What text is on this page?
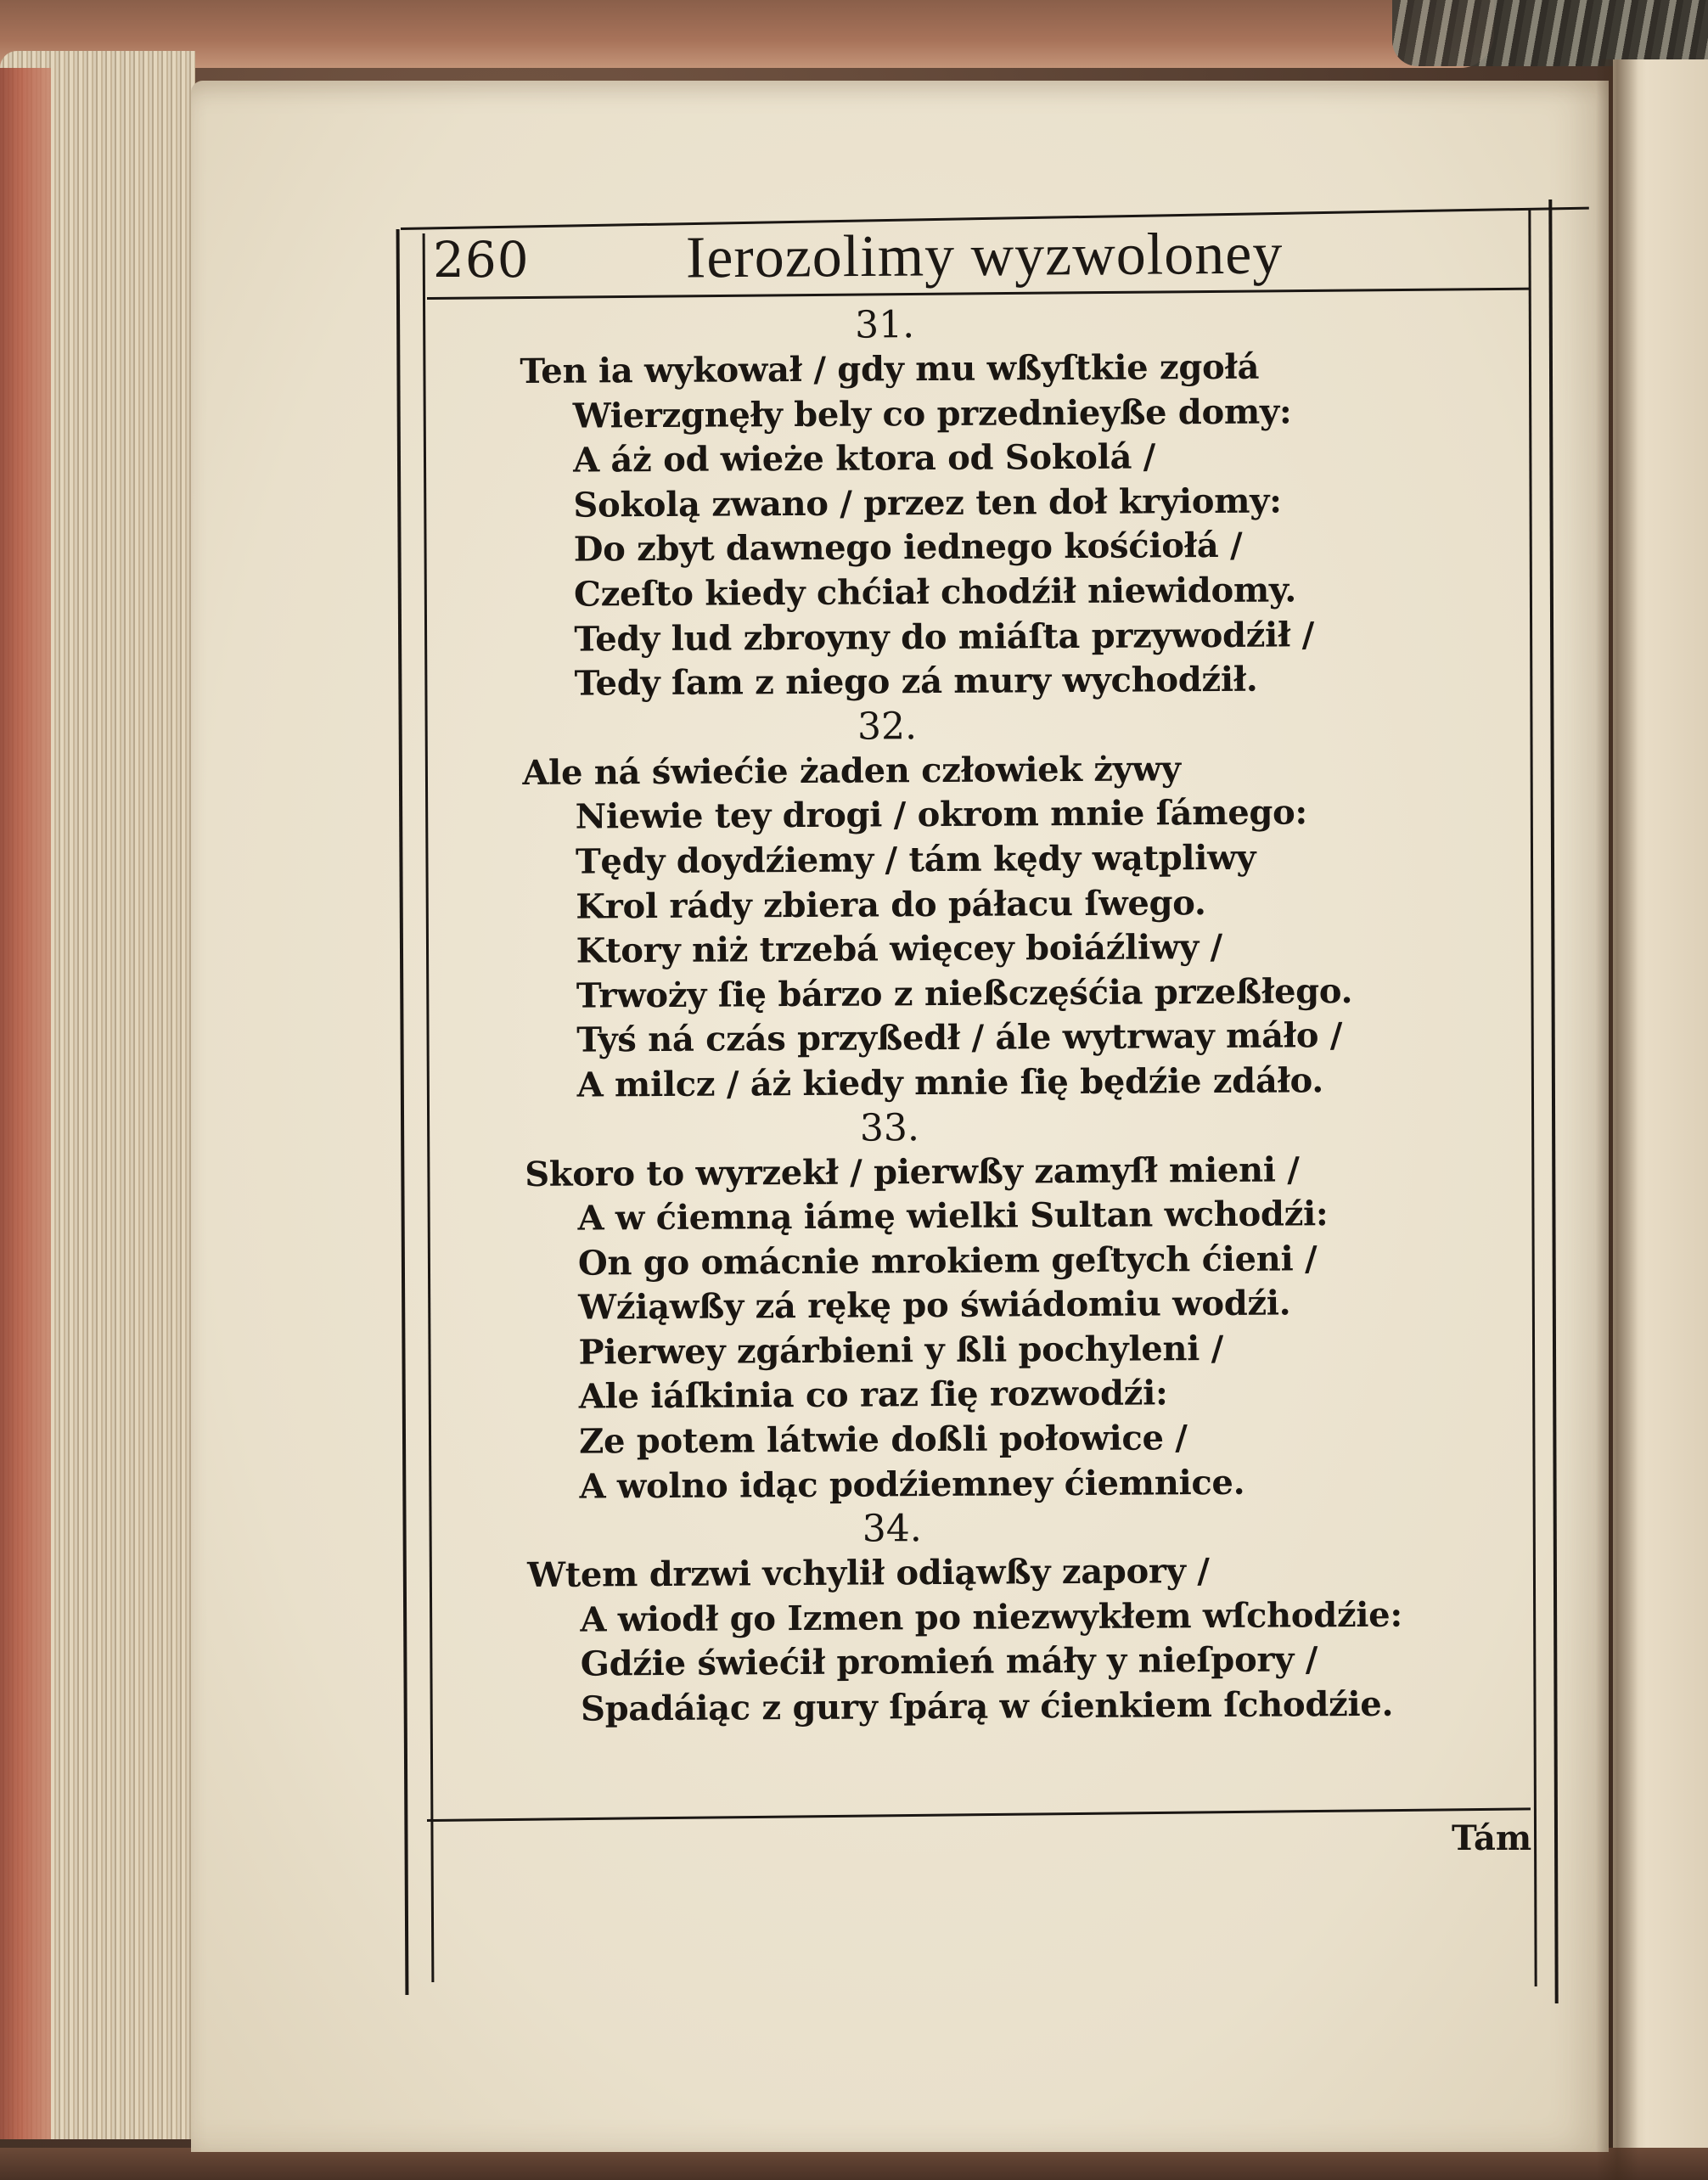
260	Ierozolimy wyzwoloney
31.
Ten ia wykował / gdy mu wßyſtkie zgołá
Wierzgnęły bely co przednieyße domy:
A áż od wieże ktora od Sokolá /
Sokolą zwano / przez ten doł kryiomy:
Do zbyt dawnego iednego kośćiołá /
Czeſto kiedy chćiał chodźił niewidomy.
Tedy lud zbroyny do miáſta przywodźił /
Tedy ſam z niego zá mury wychodźił.
32.
Ale ná świećie żaden człowiek żywy
Niewie tey drogi / okrom mnie ſámego:
Tędy doydźiemy / tám kędy wątpliwy
Krol rády zbiera do páłacu ſwego.
Ktory niż trzebá więcey boiáźliwy /
Trwoży ſię bárzo z nießczęśćia przeßłego.
Tyś ná czás przyßedł / ále wytrway máło /
A milcz / áż kiedy mnie ſię będźie zdáło.
33.
Skoro to wyrzekł / pierwßy zamyſł mieni /
A w ćiemną iámę wielki Sultan wchodźi:
On go omácnie mrokiem geſtych ćieni /
Wźiąwßy zá rękę po świádomiu wodźi.
Pierwey zgárbieni y ßli pochyleni /
Ale iáſkinia co raz ſię rozwodźi:
Ze potem látwie doßli połowice /
A wolno idąc podźiemney ćiemnice.
34.
Wtem drzwi vchylił odiąwßy zapory /
A wiodł go Izmen po niezwykłem wſchodźie:
Gdźie świećił promień máły y nieſpory /
Spadáiąc z gury ſpárą w ćienkiem ſchodźie.
Tám
